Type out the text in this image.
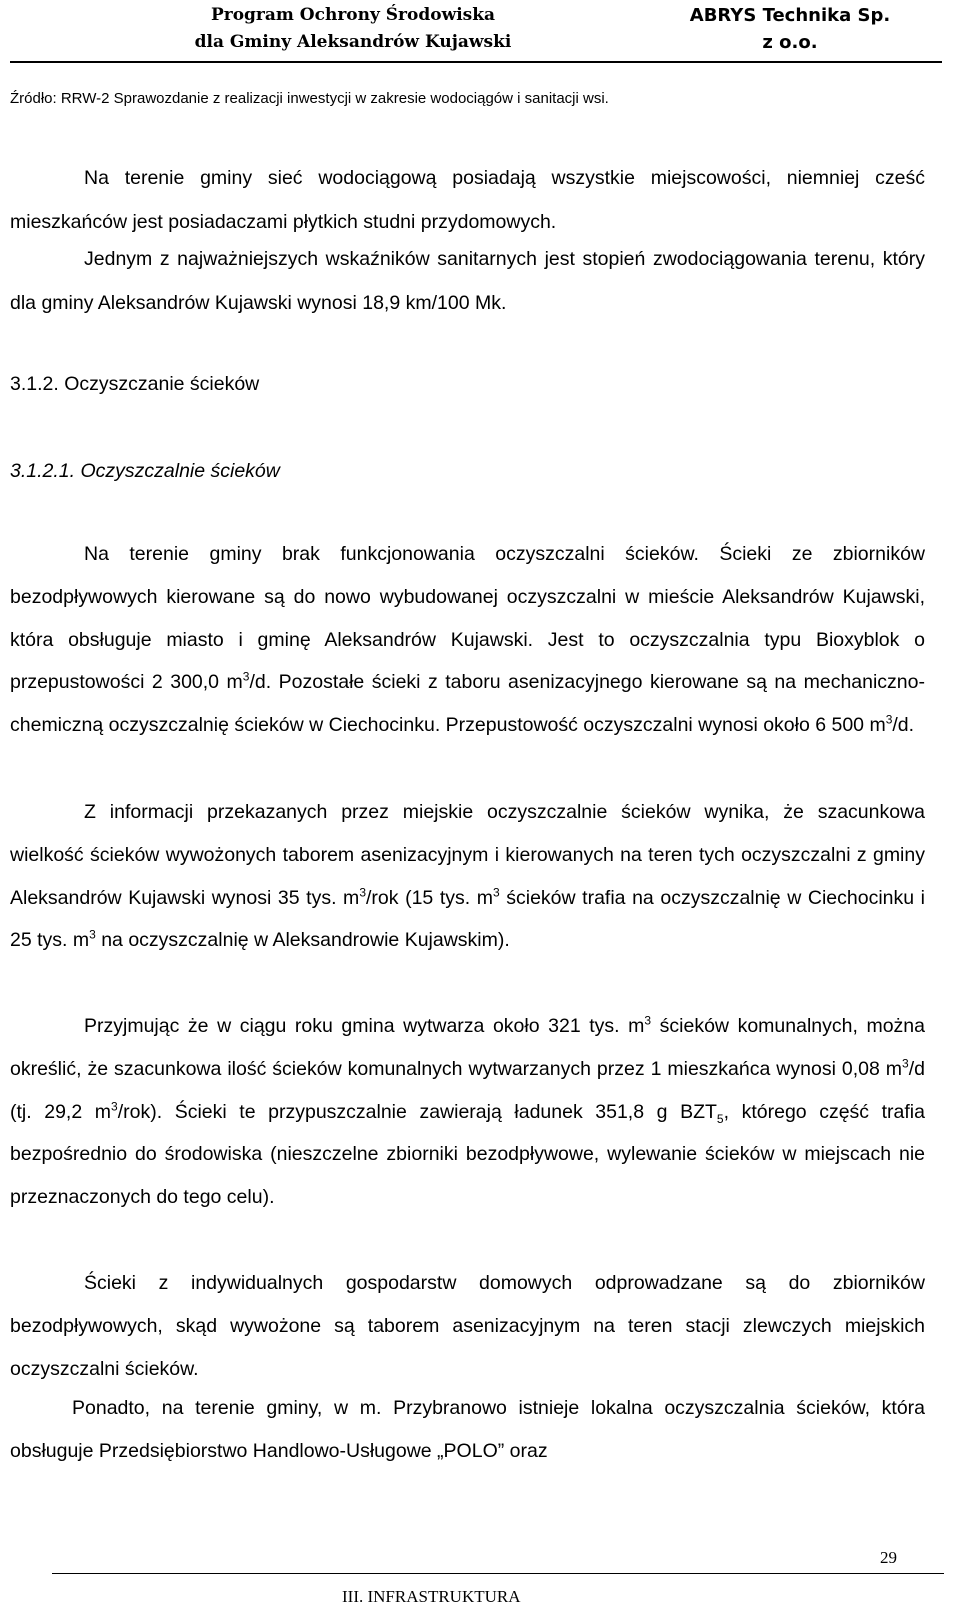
Program Ochrony Środowiska
dla Gminy Aleksandrów Kujawski
ABRYS Technika Sp.
z o.o.
Źródło: RRW-2 Sprawozdanie z realizacji inwestycji w zakresie wodociągów i sanitacji wsi.
Na terenie gminy sieć wodociągową posiadają wszystkie miejscowości, niemniej cześć mieszkańców jest posiadaczami płytkich studni przydomowych.
Jednym z najważniejszych wskaźników sanitarnych jest stopień zwodociągowania terenu, który dla gminy Aleksandrów Kujawski wynosi 18,9 km/100 Mk.
3.1.2. Oczyszczanie ścieków
3.1.2.1. Oczyszczalnie ścieków
Na terenie gminy brak funkcjonowania oczyszczalni ścieków. Ścieki ze zbiorników bezodpływowych kierowane są do nowo wybudowanej oczyszczalni w mieście Aleksandrów Kujawski, która obsługuje miasto i gminę Aleksandrów Kujawski. Jest to oczyszczalnia typu Bioxyblok o przepustowości 2 300,0 $m^3/d$. Pozostałe ścieki z taboru asenizacyjnego kierowane są na mechaniczno-chemiczną oczyszczalnię ścieków w Ciechocinku. Przepustowość oczyszczalni wynosi około 6 500 $m^3/d$.
Z informacji przekazanych przez miejskie oczyszczalnie ścieków wynika, że szacunkowa wielkość ścieków wywożonych taborem asenizacyjnym i kierowanych na teren tych oczyszczalni z gminy Aleksandrów Kujawski wynosi 35 tys. $m^3$/rok (15 tys. $m^3$ ścieków trafia na oczyszczalnię w Ciechocinku i 25 tys. $m^3$ na oczyszczalnię w Aleksandrowie Kujawskim).
Przyjmując że w ciągu roku gmina wytwarza około 321 tys. $m^3$ ścieków komunalnych, można określić, że szacunkowa ilość ścieków komunalnych wytwarzanych przez 1 mieszkańca wynosi 0,08 $m^3/d$ (tj. 29,2 $m^3/rok$). Ścieki te przypuszczalnie zawierają ładunek 351,8 g $BZT_5$, którego część trafia bezpośrednio do środowiska (nieszczelne zbiorniki bezodpływowe, wylewanie ścieków w miejscach nie przeznaczonych do tego celu).
Ścieki z indywidualnych gospodarstw domowych odprowadzane są do zbiorników bezodpływowych, skąd wywożone są taborem asenizacyjnym na teren stacji zlewczych miejskich oczyszczalni ścieków.
Ponadto, na terenie gminy, w m. Przybranowo istnieje lokalna oczyszczalnia ścieków, która obsługuje Przedsiębiorstwo Handlowo-Usługowe „POLO” oraz
29
III. INFRASTRUKTURA
